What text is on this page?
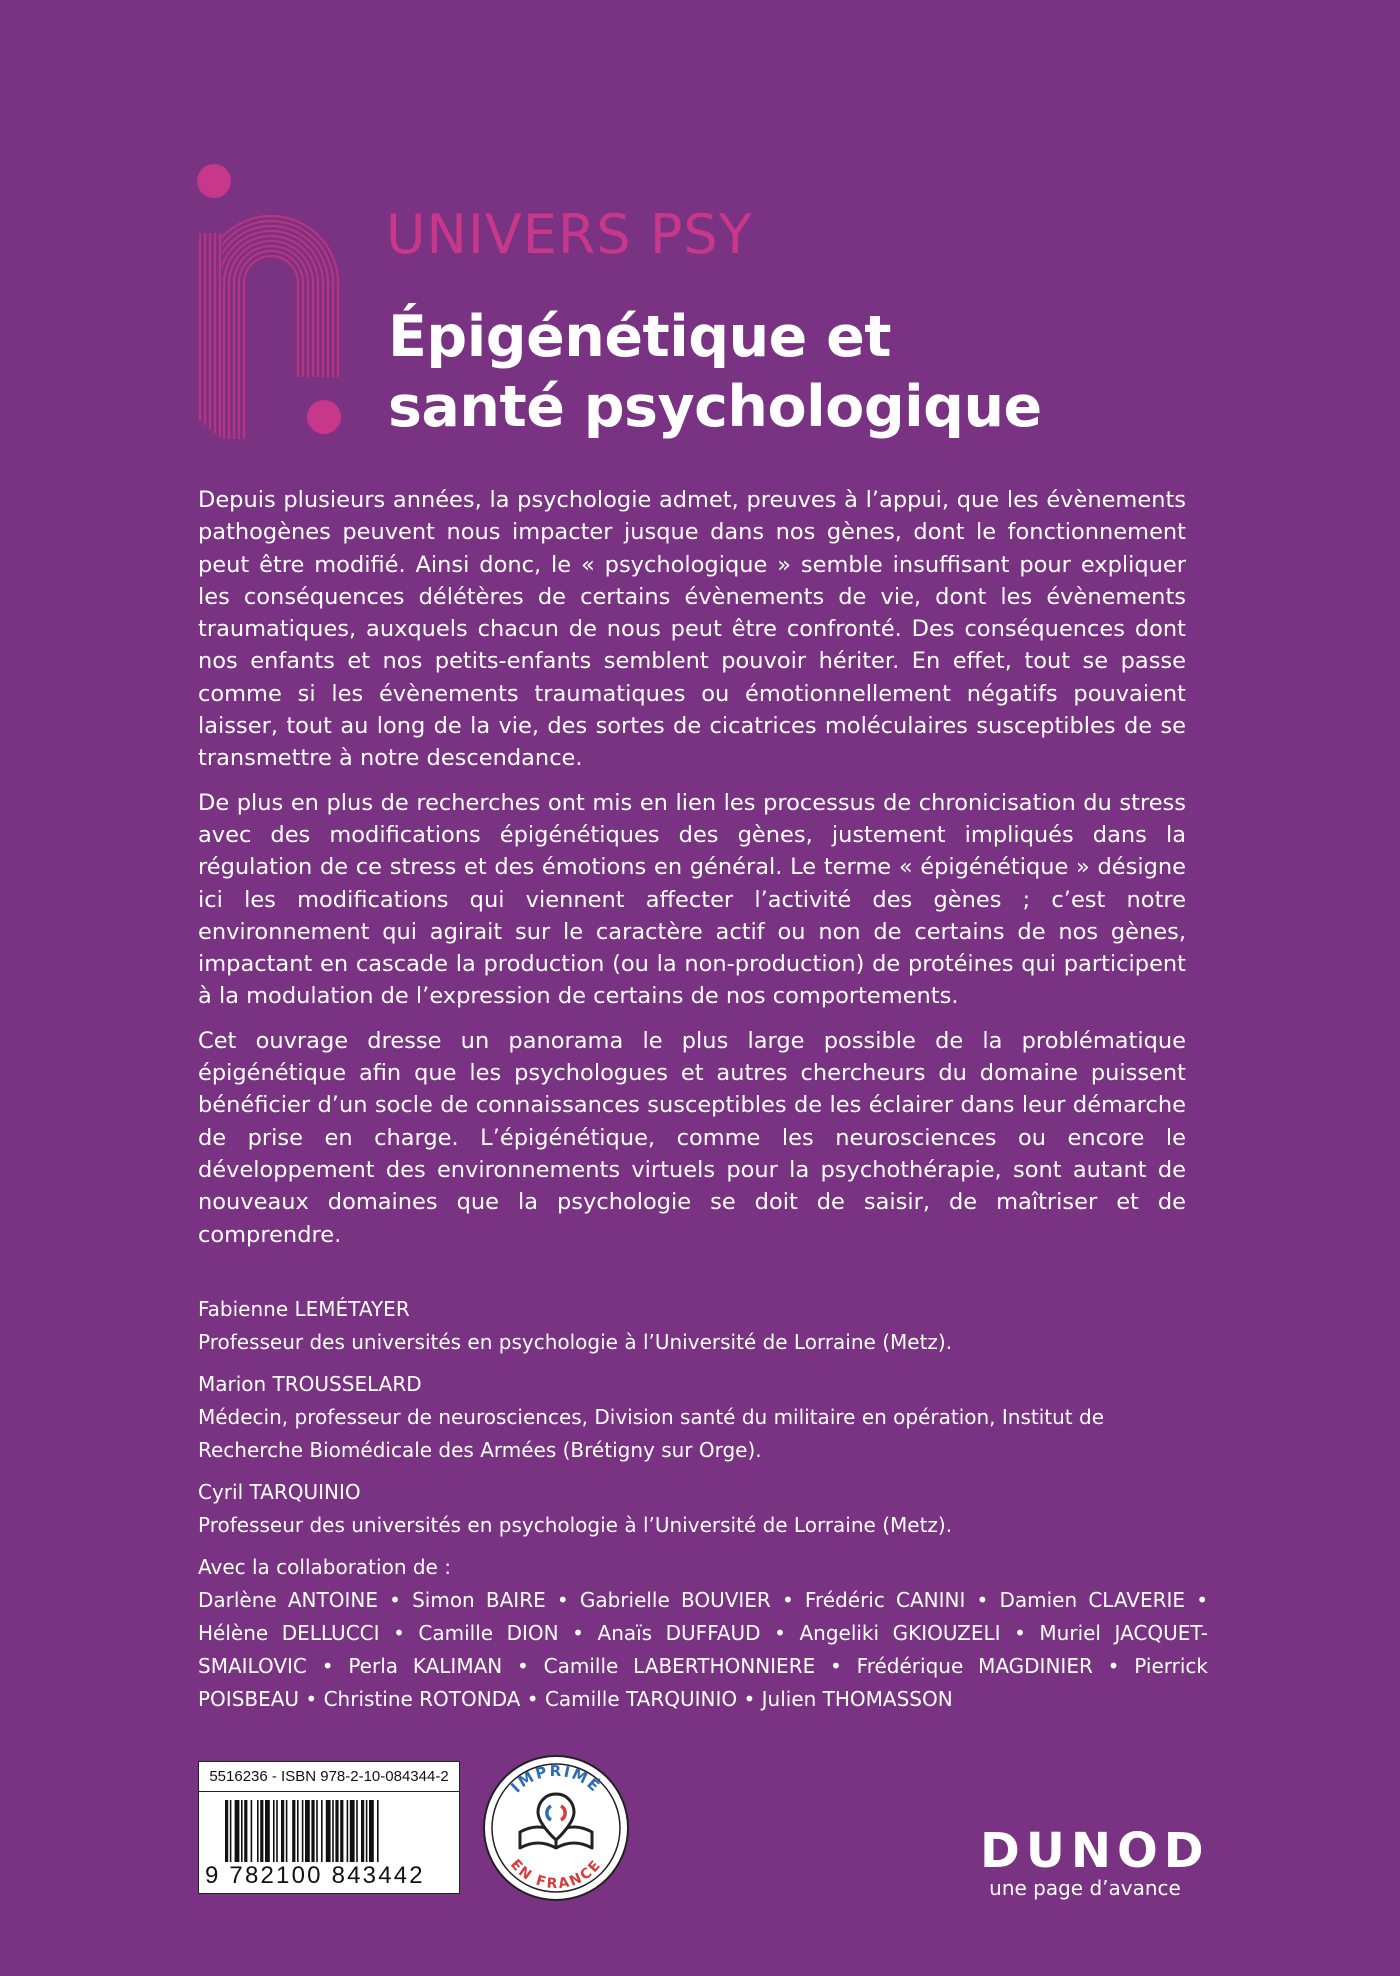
UNIVERS PSY
Épigénétique et
santé psychologique

Depuis plusieurs années, la psychologie admet, preuves à l’appui, que les évènements pathogènes peuvent nous impacter jusque dans nos gènes, dont le fonctionnement peut être modifié. Ainsi donc, le « psychologique » semble insuffisant pour expliquer les conséquences délétères de certains évènements de vie, dont les évènements traumatiques, auxquels chacun de nous peut être confronté. Des conséquences dont nos enfants et nos petits-enfants semblent pouvoir hériter. En effet, tout se passe comme si les évènements traumatiques ou émotionnellement négatifs pouvaient laisser, tout au long de la vie, des sortes de cicatrices moléculaires susceptibles de se transmettre à notre descendance.

De plus en plus de recherches ont mis en lien les processus de chronicisation du stress avec des modifications épigénétiques des gènes, justement impliqués dans la régulation de ce stress et des émotions en général. Le terme « épigénétique » désigne ici les modifications qui viennent affecter l’activité des gènes ; c’est notre environnement qui agirait sur le caractère actif ou non de certains de nos gènes, impactant en cascade la production (ou la non-production) de protéines qui participent à la modulation de l’expression de certains de nos comportements.

Cet ouvrage dresse un panorama le plus large possible de la problématique épigénétique afin que les psychologues et autres chercheurs du domaine puissent bénéficier d’un socle de connaissances susceptibles de les éclairer dans leur démarche de prise en charge. L’épigénétique, comme les neurosciences ou encore le développement des environnements virtuels pour la psychothérapie, sont autant de nouveaux domaines que la psychologie se doit de saisir, de maîtriser et de comprendre.

Fabienne LEMÉTAYER
Professeur des universités en psychologie à l’Université de Lorraine (Metz).
Marion TROUSSELARD
Médecin, professeur de neurosciences, Division santé du militaire en opération, Institut de Recherche Biomédicale des Armées (Brétigny sur Orge).
Cyril TARQUINIO
Professeur des universités en psychologie à l’Université de Lorraine (Metz).
Avec la collaboration de :
Darlène ANTOINE • Simon BAIRE • Gabrielle BOUVIER • Frédéric CANINI • Damien CLAVERIE • Hélène DELLUCCI • Camille DION • Anaïs DUFFAUD • Angeliki GKIOUZELI • Muriel JACQUET-SMAILOVIC • Perla KALIMAN • Camille LABERTHONNIERE • Frédérique MAGDINIER • Pierrick POISBEAU • Christine ROTONDA • Camille TARQUINIO • Julien THOMASSON
5516236 - ISBN 978-2-10-084344-2
9 782100 843442
IMPRIMÉ
EN FRANCE	DUNOD
une page d’avance
